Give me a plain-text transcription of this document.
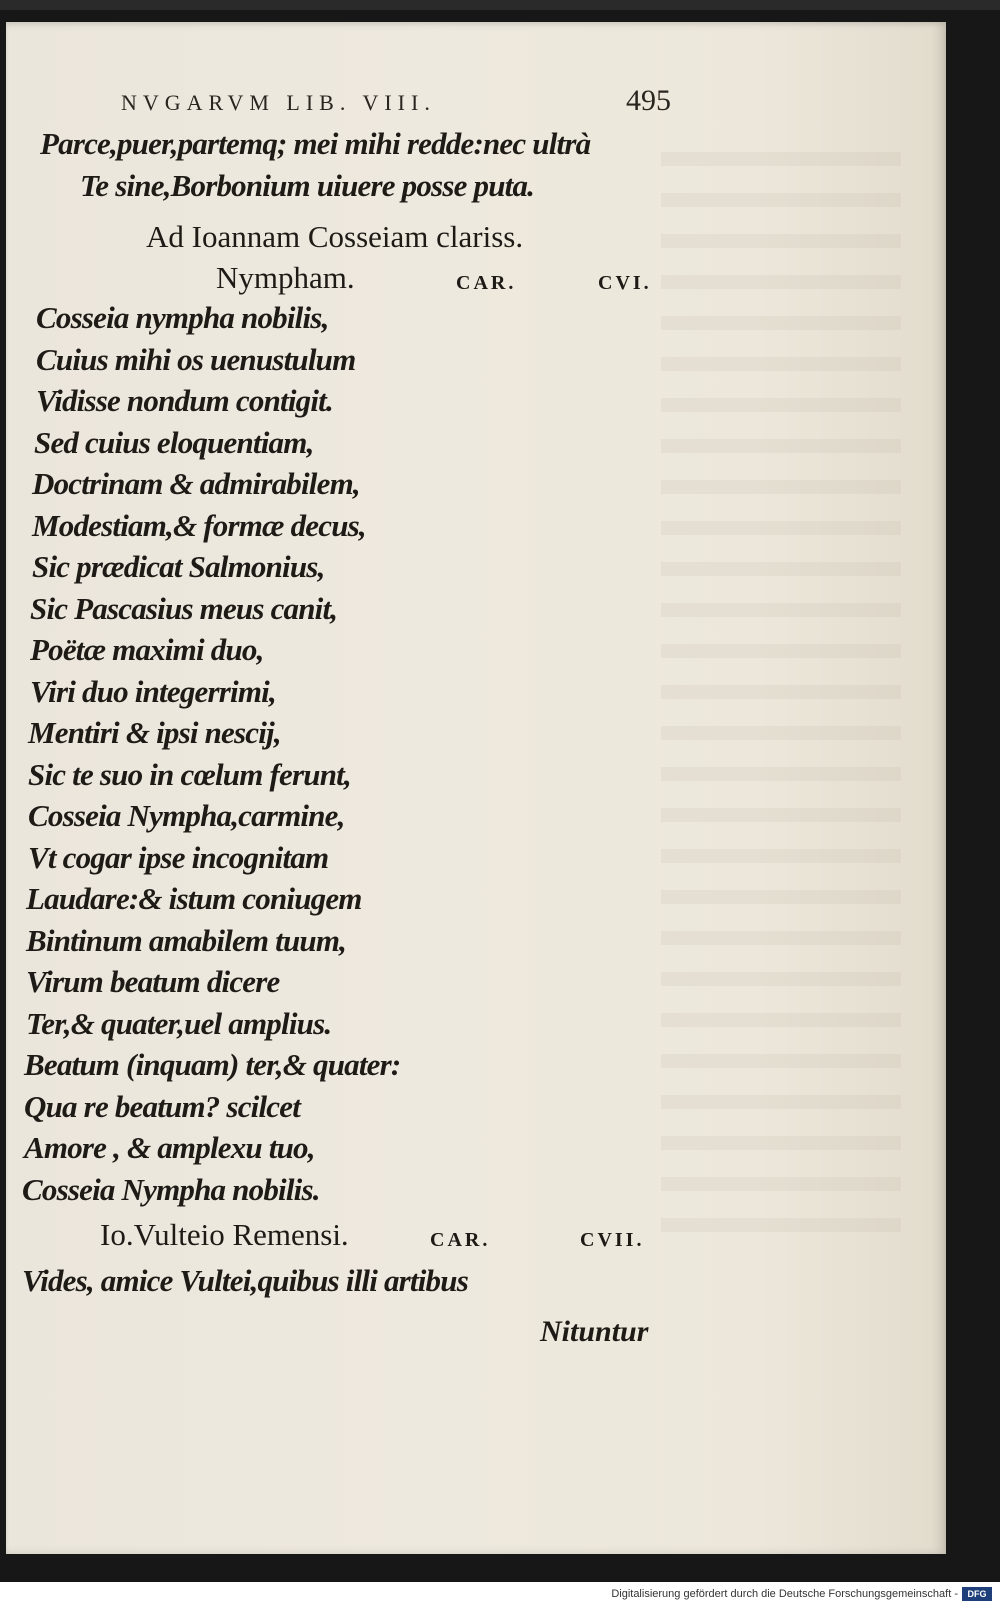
NVGARVM LIB. VIII.	495
Parce,puer,partemq; mei mihi redde:nec ultrà
Te sine,Borbonium uiuere posse puta.
Ad Ioannam Cosseiam clariss.
Nympham.	CAR.	CVI.
Cosseia nympha nobilis,
Cuius mihi os uenustulum
Vidisse nondum contigit.
Sed cuius eloquentiam,
Doctrinam & admirabilem,
Modestiam,& formæ decus,
Sic prædicat Salmonius,
Sic Pascasius meus canit,
Poëtæ maximi duo,
Viri duo integerrimi,
Mentiri & ipsi nescij,
Sic te suo in cœlum ferunt,
Cosseia Nympha,carmine,
Vt cogar ipse incognitam
Laudare:& istum coniugem
Bintinum amabilem tuum,
Virum beatum dicere
Ter,& quater,uel amplius.
Beatum (inquam) ter,& quater:
Qua re beatum? scilcet
Amore , & amplexu tuo,
Cosseia Nympha nobilis.
Io.Vulteio Remensi.	CAR.	CVII.
Vides, amice Vultei,quibus illi artibus
Nituntur
Digitalisierung gefördert durch die Deutsche Forschungsgemeinschaft -	DFG
